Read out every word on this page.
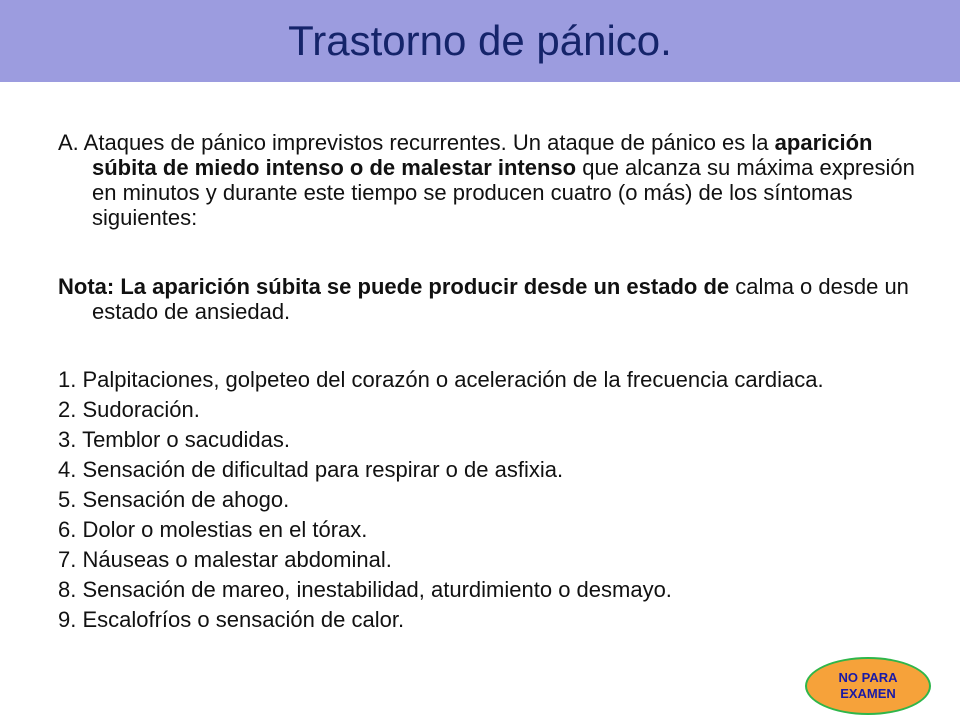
Trastorno de pánico.

A. Ataques de pánico imprevistos recurrentes. Un ataque de pánico es la aparición súbita de miedo intenso o de malestar intenso que alcanza su máxima expresión en minutos y durante este tiempo se producen cuatro (o más) de los síntomas siguientes:

Nota: La aparición súbita se puede producir desde un estado de calma o desde un estado de ansiedad.

1. Palpitaciones, golpeteo del corazón o aceleración de la frecuencia cardiaca.
2. Sudoración.
3. Temblor o sacudidas.
4. Sensación de dificultad para respirar o de asfixia.
5. Sensación de ahogo.
6. Dolor o molestias en el tórax.
7. Náuseas o malestar abdominal.
8. Sensación de mareo, inestabilidad, aturdimiento o desmayo.
9. Escalofríos o sensación de calor.
NO PARA
EXAMEN
